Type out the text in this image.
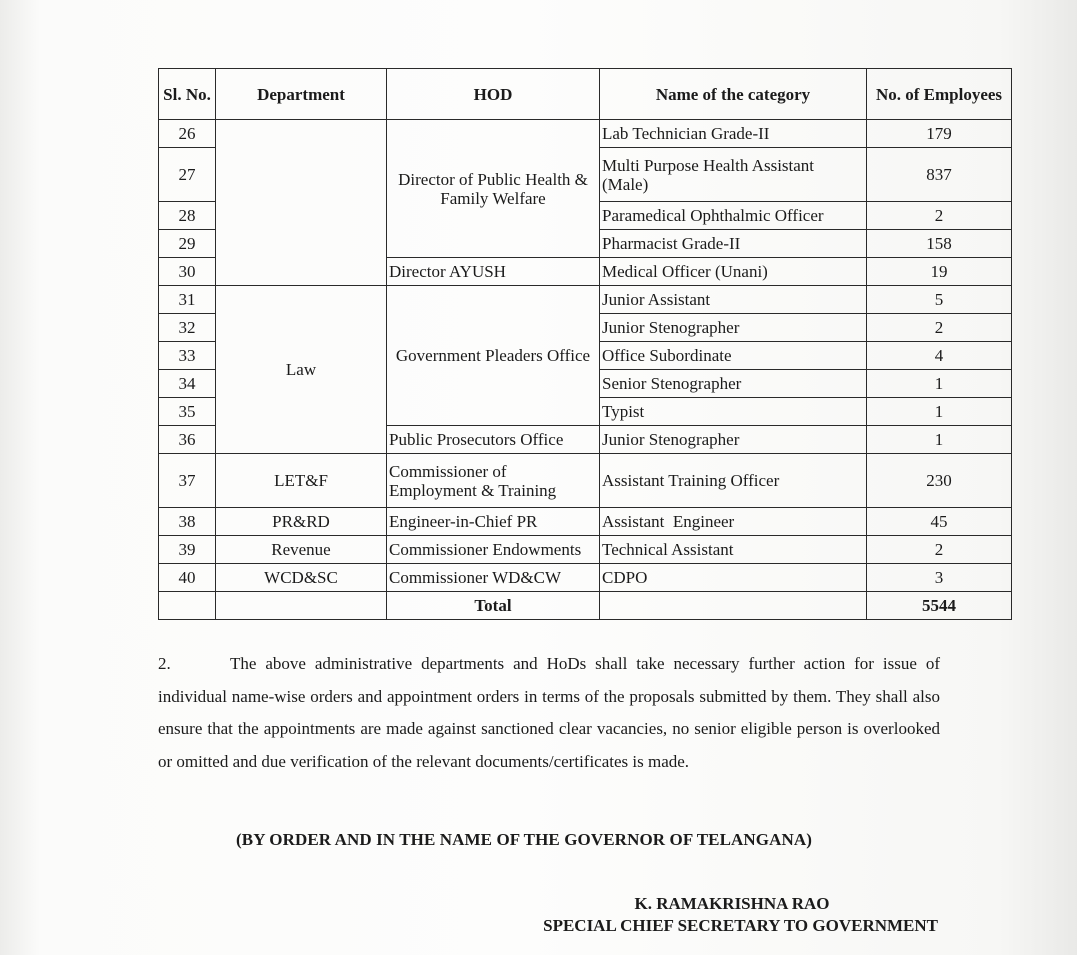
Sl. No.	Department	HOD	Name of the category	No. of Employees
26		Director of Public Health & Family Welfare	Lab Technician Grade-II	179
27			Multi Purpose Health Assistant (Male)	837
28			Paramedical Ophthalmic Officer	2
29			Pharmacist Grade-II	158
30		Director AYUSH	Medical Officer (Unani)	19
31	Law	Government Pleaders Office	Junior Assistant	5
32			Junior Stenographer	2
33			Office Subordinate	4
34			Senior Stenographer	1
35			Typist	1
36		Public Prosecutors Office	Junior Stenographer	1
37	LET&F	Commissioner of Employment & Training	Assistant Training Officer	230
38	PR&RD	Engineer-in-Chief PR	Assistant  Engineer	45
39	Revenue	Commissioner Endowments	Technical Assistant	2
40	WCD&SC	Commissioner WD&CW	CDPO	3
		Total		5544
2.	The above administrative departments and HoDs shall take necessary further action for issue of individual name-wise orders and appointment orders in terms of the proposals submitted by them. They shall also ensure that the appointments are made against sanctioned clear vacancies, no senior eligible person is overlooked or omitted and due verification of the relevant documents/certificates is made.
(BY ORDER AND IN THE NAME OF THE GOVERNOR OF TELANGANA)
K. RAMAKRISHNA RAO
SPECIAL CHIEF SECRETARY TO GOVERNMENT
